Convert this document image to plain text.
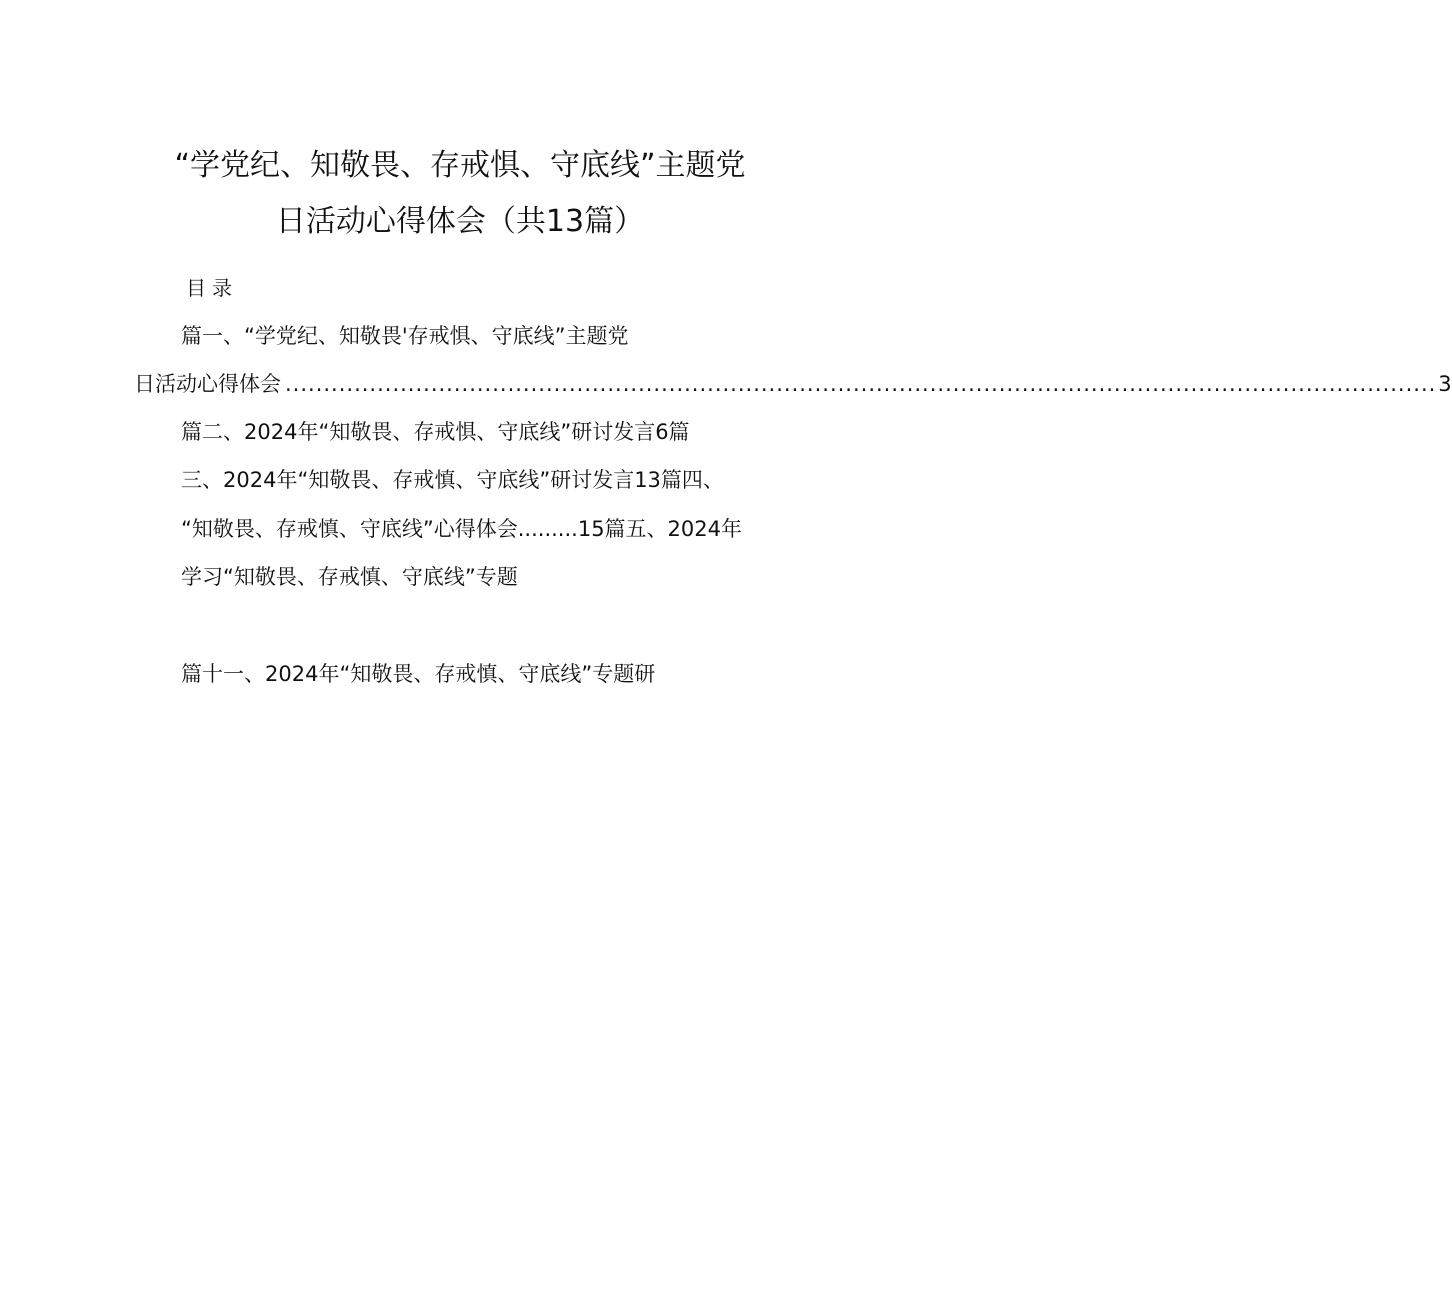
“学党纪、知敬畏、存戒惧、守底线”主题党
日活动心得体会（共13篇）
目录
篇一、“学党纪、知敬畏'存戒惧、守底线”主题党
日活动心得体会 ...................................................................................................................................................... 3
篇二、2024年“知敬畏、存戒惧、守底线”研讨发言6篇
三、2024年“知敬畏、存戒慎、守底线”研讨发言13篇四、
“知敬畏、存戒慎、守底线”心得体会.........15篇五、2024年
学习“知敬畏、存戒慎、守底线”专题
篇十一、2024年“知敬畏、存戒慎、守底线”专题研
